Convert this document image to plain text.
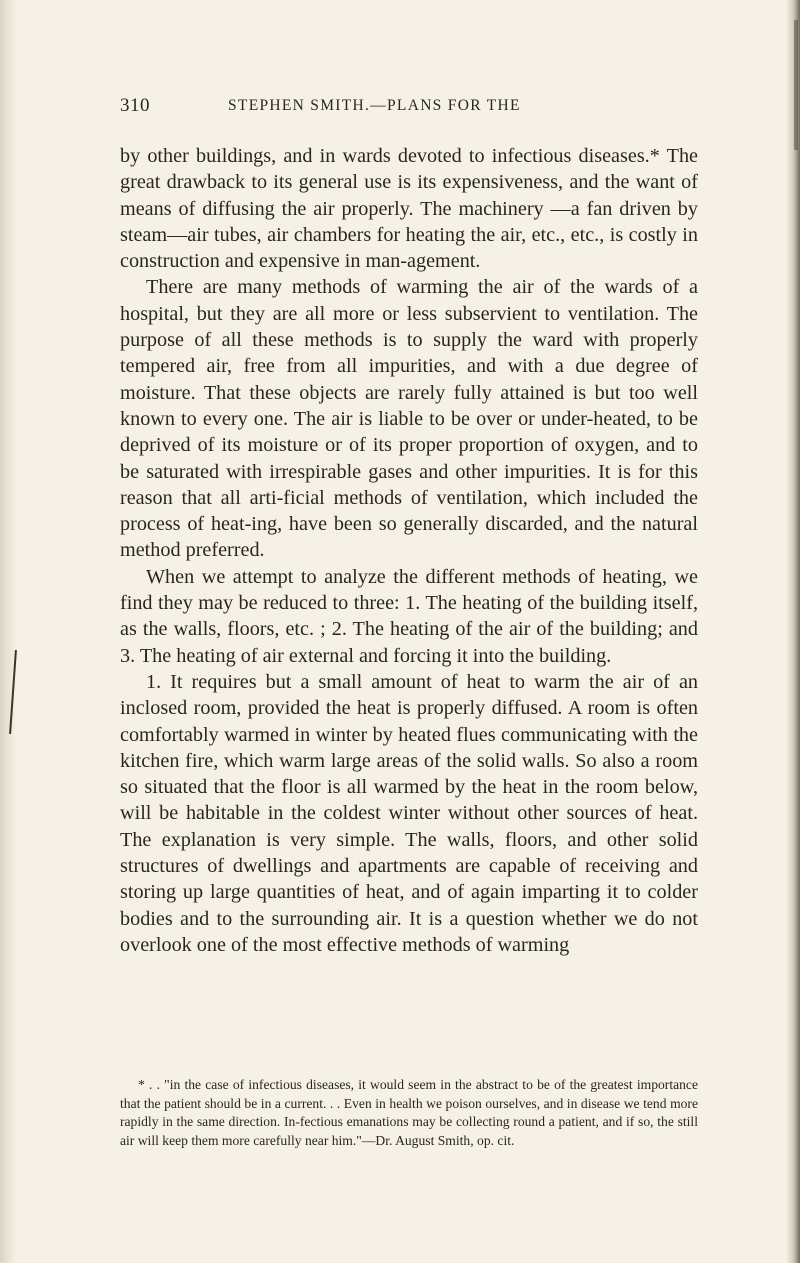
310	STEPHEN SMITH.—PLANS FOR THE

by other buildings, and in wards devoted to infectious diseases.* The great drawback to its general use is its expensiveness, and the want of means of diffusing the air properly. The machinery —a fan driven by steam—air tubes, air chambers for heating the air, etc., etc., is costly in construction and expensive in man-agement.

There are many methods of warming the air of the wards of a hospital, but they are all more or less subservient to ventilation. The purpose of all these methods is to supply the ward with properly tempered air, free from all impurities, and with a due degree of moisture. That these objects are rarely fully attained is but too well known to every one. The air is liable to be over or under-heated, to be deprived of its moisture or of its proper proportion of oxygen, and to be saturated with irrespirable gases and other impurities. It is for this reason that all arti-ficial methods of ventilation, which included the process of heat-ing, have been so generally discarded, and the natural method preferred.

When we attempt to analyze the different methods of heating, we find they may be reduced to three: 1. The heating of the building itself, as the walls, floors, etc. ; 2. The heating of the air of the building; and 3. The heating of air external and forcing it into the building.

1. It requires but a small amount of heat to warm the air of an inclosed room, provided the heat is properly diffused. A room is often comfortably warmed in winter by heated flues communicating with the kitchen fire, which warm large areas of the solid walls. So also a room so situated that the floor is all warmed by the heat in the room below, will be habitable in the coldest winter without other sources of heat. The explanation is very simple. The walls, floors, and other solid structures of dwellings and apartments are capable of receiving and storing up large quantities of heat, and of again imparting it to colder bodies and to the surrounding air. It is a question whether we do not overlook one of the most effective methods of warming

* . . "in the case of infectious diseases, it would seem in the abstract to be of the greatest importance that the patient should be in a current. . . Even in health we poison ourselves, and in disease we tend more rapidly in the same direction. In-fectious emanations may be collecting round a patient, and if so, the still air will keep them more carefully near him."—Dr. August Smith, op. cit.
